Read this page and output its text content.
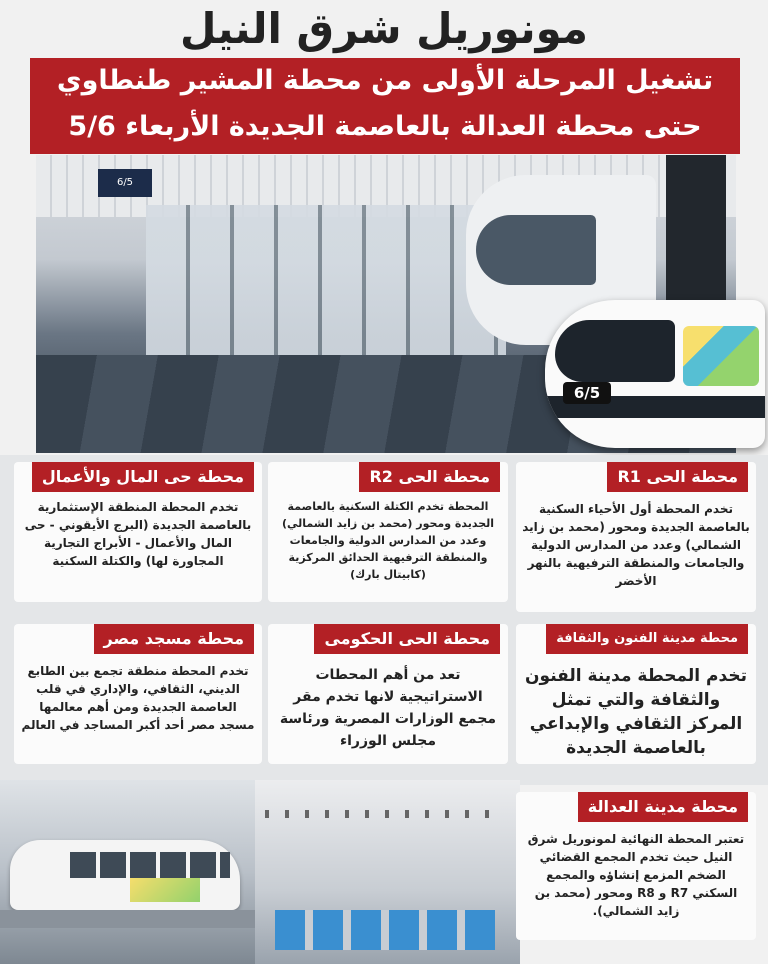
مونوريل شرق النيل
تشغيل المرحلة الأولى من محطة المشير طنطاوي
حتى محطة العدالة بالعاصمة الجديدة الأربعاء 5/6
6/5
6/5
محطة الحى R1
تخدم المحطة أول الأحياء السكنية بالعاصمة الجديدة ومحور (محمد بن زايد الشمالي) وعدد من المدارس الدولية والجامعات والمنطقة الترفيهية بالنهر الأخضر
محطة الحى R2
المحطة تخدم الكتلة السكنية بالعاصمة الجديدة ومحور (محمد بن زايد الشمالي) وعدد من المدارس الدولية والجامعات والمنطقة الترفيهية الحدائق المركزية (كابيتال بارك)
محطة حى المال والأعمال
تخدم المحطة المنطقة الإستثمارية بالعاصمة الجديدة (البرج الأيقوني - حى المال والأعمال - الأبراج التجارية المجاورة لها) والكتلة السكنية
محطة مدينة الفنون والثقافة
تخدم المحطة مدينة الفنون والثقافة والتي تمثل المركز الثقافي والإبداعي بالعاصمة الجديدة
محطة الحى الحكومى
تعد من أهم المحطات الاستراتيجية لانها تخدم مقر مجمع الوزارات المصرية ورئاسة مجلس الوزراء
محطة مسجد مصر
تخدم المحطة منطقة تجمع بين الطابع الديني، الثقافي، والإداري في قلب العاصمة الجديدة ومن أهم معالمها مسجد مصر أحد أكبر المساجد في العالم
محطة مدينة العدالة
تعتبر المحطة النهائية لمونوريل شرق النيل حيث تخدم المجمع القضائي الضخم المزمع إنشاؤه والمجمع السكني R7 و R8 ومحور (محمد بن زايد الشمالي).
